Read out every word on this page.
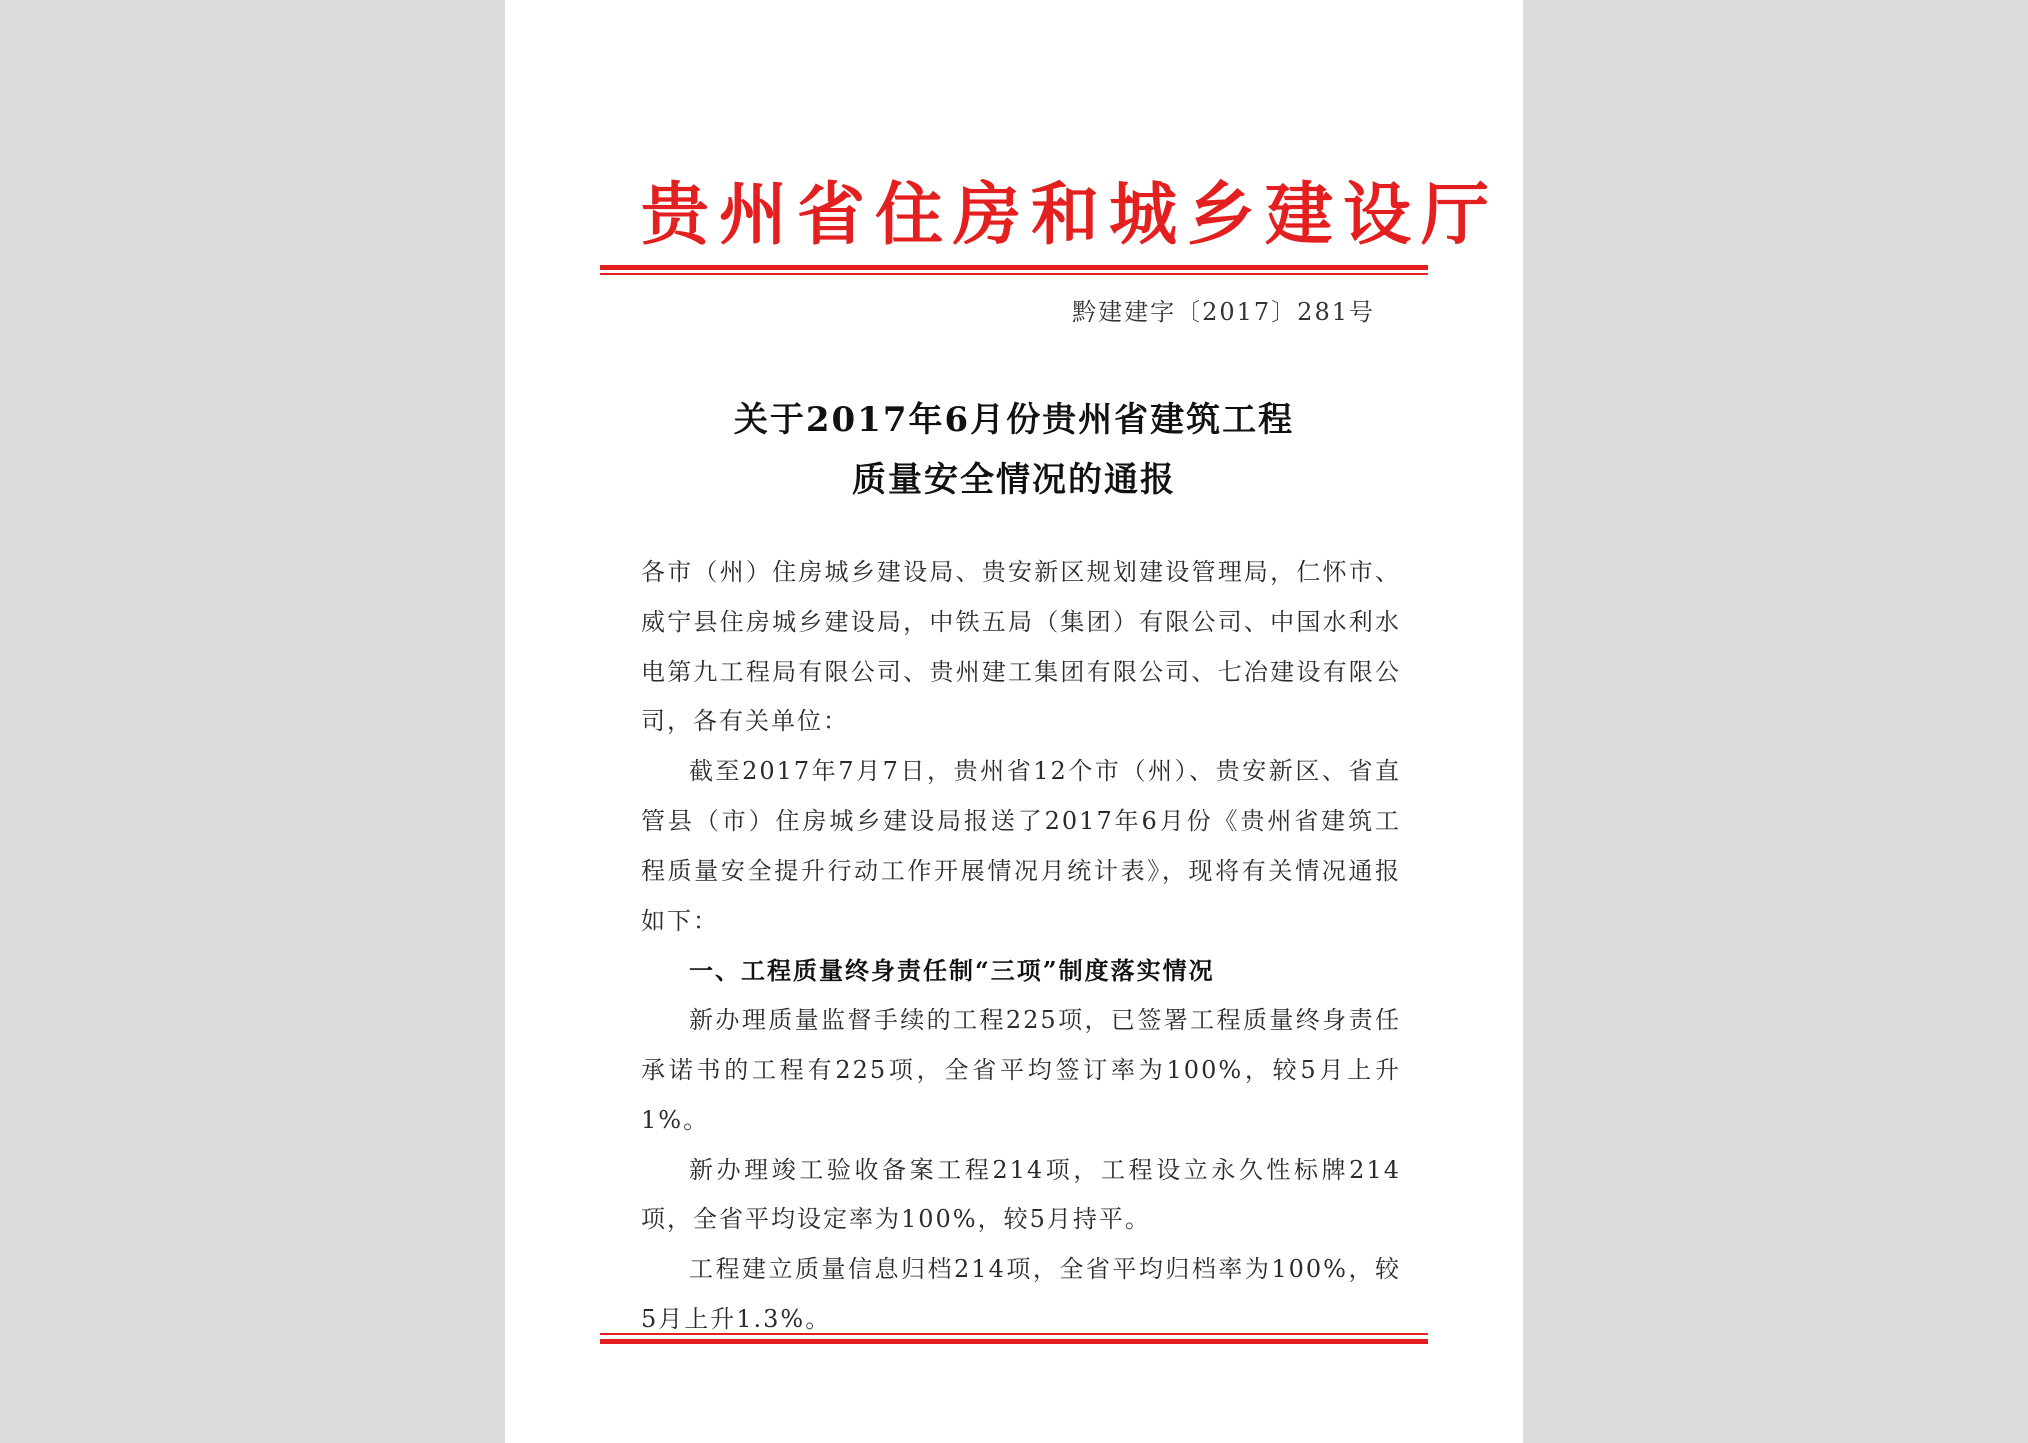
贵州省住房和城乡建设厅
黔建建字〔2017〕281号
关于2017年6月份贵州省建筑工程
质量安全情况的通报

各市（州）住房城乡建设局、贵安新区规划建设管理局，仁怀市、威宁县住房城乡建设局，中铁五局（集团）有限公司、中国水利水电第九工程局有限公司、贵州建工集团有限公司、七冶建设有限公司，各有关单位：

截至2017年7月7日，贵州省12个市（州）、贵安新区、省直管县（市）住房城乡建设局报送了2017年6月份《贵州省建筑工程质量安全提升行动工作开展情况月统计表》，现将有关情况通报如下：

一、工程质量终身责任制“三项”制度落实情况

新办理质量监督手续的工程225项，已签署工程质量终身责任承诺书的工程有225项，全省平均签订率为100%，较5月上升1%。

新办理竣工验收备案工程214项，工程设立永久性标牌214项，全省平均设定率为100%，较5月持平。

工程建立质量信息归档214项，全省平均归档率为100%，较5月上升1.3%。
